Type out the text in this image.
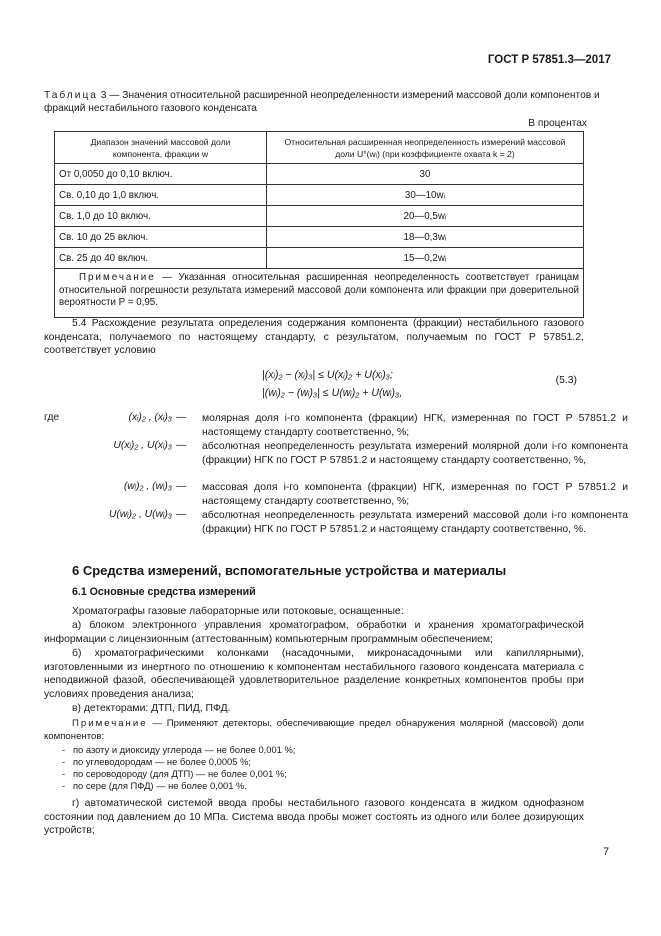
ГОСТ Р 57851.3—2017
Таблица 3 — Значения относительной расширенной неопределенности измерений массовой доли компонентов и фракций нестабильного газового конденсата
В процентах
Диапазон значений массовой доли компонента, фракции w	Относительная расширенная неопределенность измерений массовой доли U°(wᵢ) (при коэффициенте охвата k = 2)

От 0,0050 до 0,10 включ.	30
Св. 0,10 до 1,0 включ.	30—10wᵢ
Св. 1,0 до 10 включ.	20—0,5wᵢ
Св. 10 до 25 включ.	18—0,3wᵢ
Св. 25 до 40 включ.	15—0,2wᵢ

Примечание — Указанная относительная расширенная неопределенность соответствует границам относительной погрешности результата измерений массовой доли компонента или фракции при доверительной вероятности P = 0,95.	
5.4 Расхождение результата определения содержания компонента (фракции) нестабильного газового конденсата, получаемого по настоящему стандарту, с результатом, получаемым по ГОСТ Р 57851.2, соответствует условию
|(xᵢ)₂ − (xᵢ)₃| ≤ U(xᵢ)₂ + U(xᵢ)₃;
|(wᵢ)₂ − (wᵢ)₃| ≤ U(wᵢ)₂ + U(wᵢ)₃,
(5.3)
где	(xᵢ)₂ , (xᵢ)₃ — молярная доля i-го компонента (фракции) НГК, измеренная по ГОСТ Р 57851.2 и настоящему стандарту соответственно, %;
U(xᵢ)₂ , U(xᵢ)₃ — абсолютная неопределенность результата измерений молярной доли i-го компонента (фракции) НГК по ГОСТ Р 57851.2 и настоящему стандарту соответственно, %,
(wᵢ)₂ , (wᵢ)₃ — массовая доля i-го компонента (фракции) НГК, измеренная по ГОСТ Р 57851.2 и настоящему стандарту соответственно, %;
U(wᵢ)₂ , U(wᵢ)₃ — абсолютная неопределенность результата измерений массовой доли i-го компонента (фракции) НГК по ГОСТ Р 57851.2 и настоящему стандарту соответственно, %.
6 Средства измерений, вспомогательные устройства и материалы
6.1 Основные средства измерений
Хроматографы газовые лабораторные или потоковые, оснащенные:
а) блоком электронного управления хроматографом, обработки и хранения хроматографической информации с лицензионным (аттестованным) компьютерным программным обеспечением;
б) хроматографическими колонками (насадочными, микронасадочными или капиллярными), изготовленными из инертного по отношению к компонентам нестабильного газового конденсата материала с неподвижной фазой, обеспечивающей удовлетворительное разделение конкретных компонентов пробы при условиях проведения анализа;
в) детекторами: ДТП, ПИД, ПФД.
Примечание — Применяют детекторы, обеспечивающие предел обнаружения молярной (массовой) доли компонентов:
-   по азоту и диоксиду углерода — не более 0,001 %;
-   по углеводородам — не более 0,0005 %;
-   по сероводороду (для ДТП) — не более 0,001 %;
-   по сере (для ПФД) — не более 0,001 %.
г) автоматической системой ввода пробы нестабильного газового конденсата в жидком однофазном состоянии под давлением до 10 МПа. Система ввода пробы может состоять из одного или более дозирующих устройств;
7
